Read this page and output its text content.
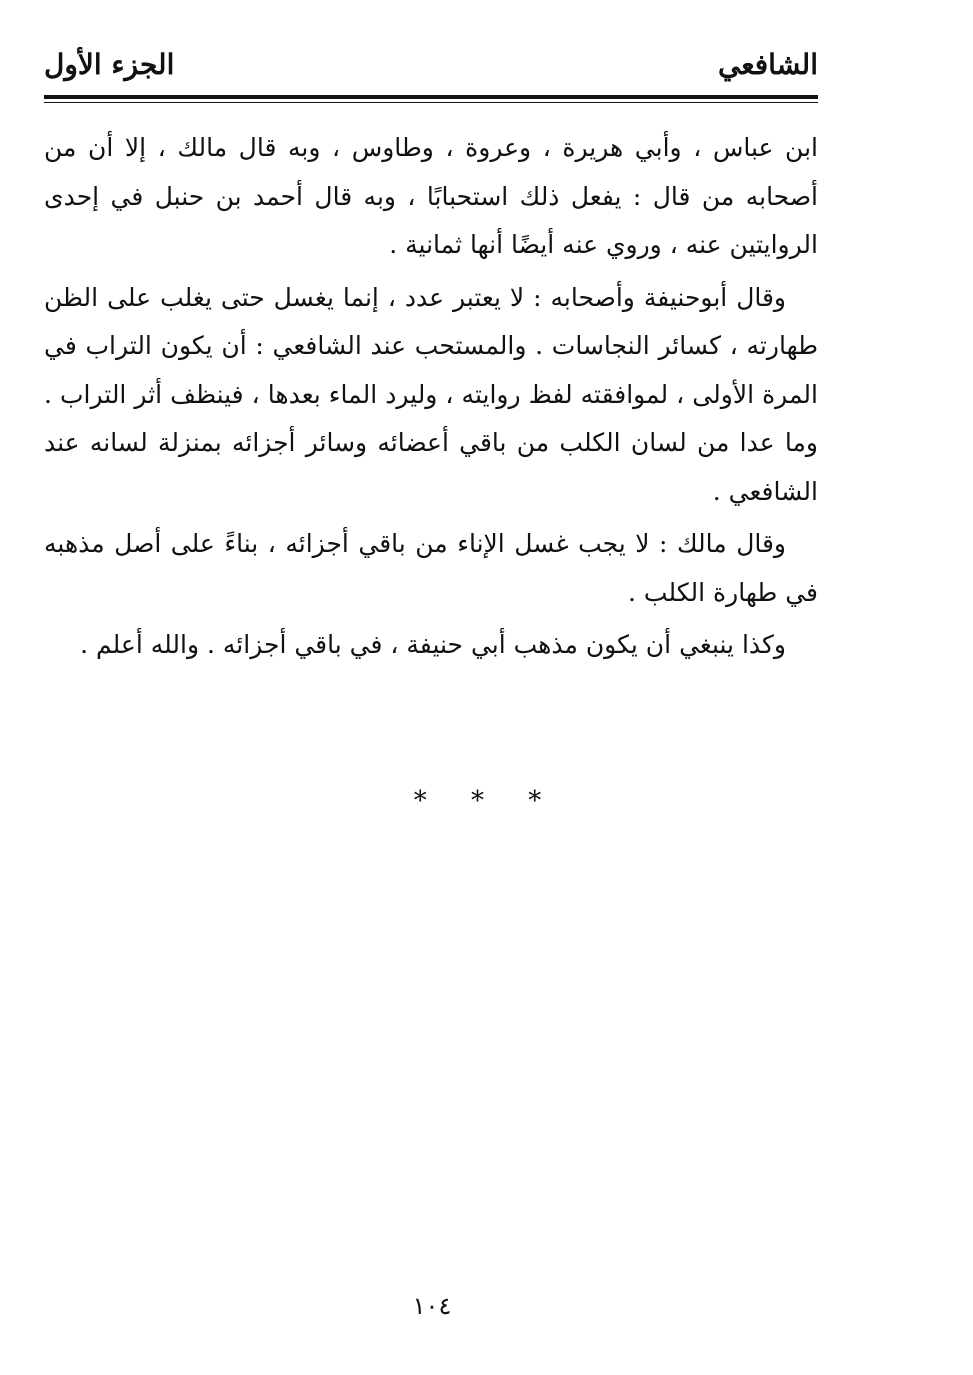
الشافعي
الجزء الأول

ابن عباس ، وأبي هريرة ، وعروة ، وطاوس ، وبه قال مالك ، إلا أن من أصحابه من قال : يفعل ذلك استحبابًا ، وبه قال أحمد بن حنبل في إحدى الروايتين عنه ، وروي عنه أيضًا أنها ثمانية .

وقال أبوحنيفة وأصحابه : لا يعتبر عدد ، إنما يغسل حتى يغلب على الظن طهارته ، كسائر النجاسات . والمستحب عند الشافعي : أن يكون التراب في المرة الأولى ، لموافقته لفظ روايته ، وليرد الماء بعدها ، فينظف أثر التراب . وما عدا من لسان الكلب من باقي أعضائه وسائر أجزائه بمنزلة لسانه عند الشافعي .

وقال مالك : لا يجب غسل الإناء من باقي أجزائه ، بناءً على أصل مذهبه في طهارة الكلب .

وكذا ينبغي أن يكون مذهب أبي حنيفة ، في باقي أجزائه . والله أعلم .

* * *
١٠٤
